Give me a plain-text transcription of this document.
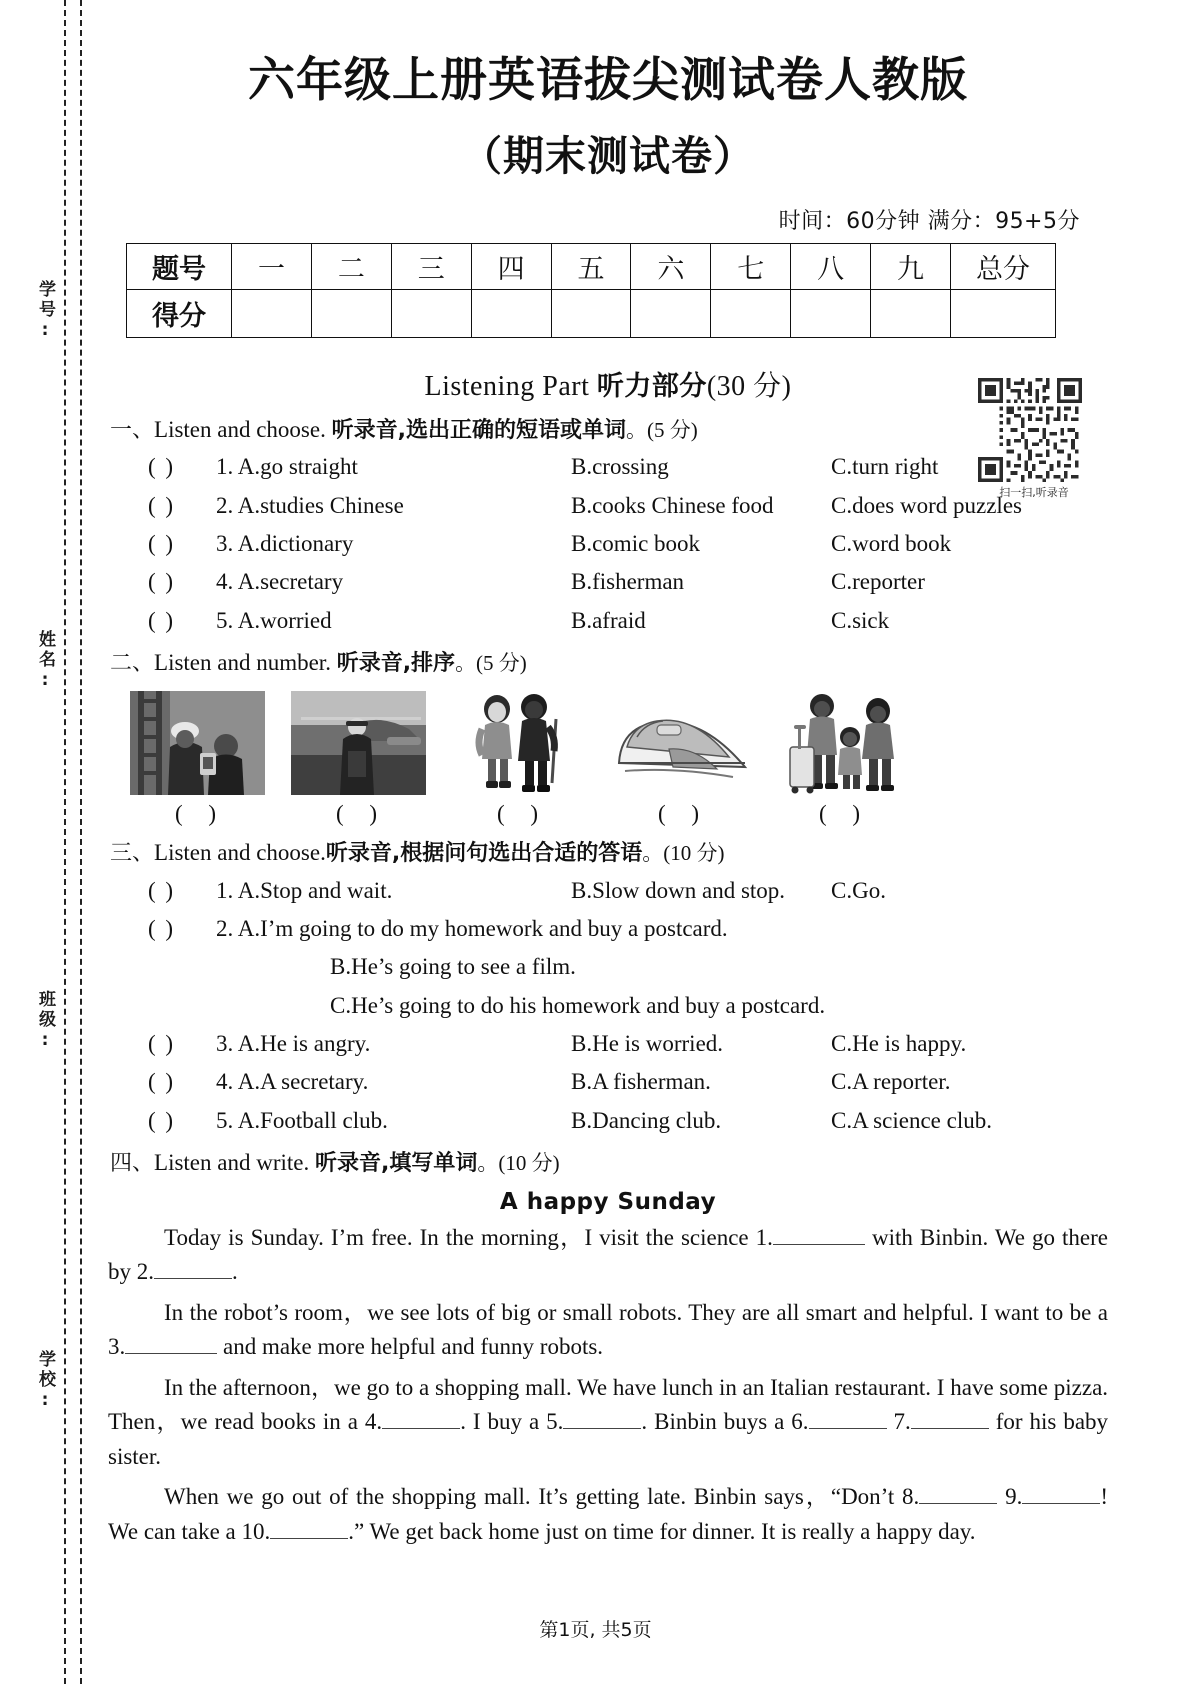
学号:
姓名:
班级:
学校:
六年级上册英语拔尖测试卷人教版
（期末测试卷）
时间：60分钟 满分：95+5分
题号	一	二	三	四	五	六	七	八	九	总分
得分										
Listening Part 听力部分(30 分)
扫一扫,听录音
一、Listen and choose. 听录音,选出正确的短语或单词。(5 分)
( )	1. A.go straight	B.crossing	C.turn right
( )	2. A.studies Chinese	B.cooks Chinese food	C.does word puzzles
( )	3. A.dictionary	B.comic book	C.word book
( )	4. A.secretary	B.fisherman	C.reporter
( )	5. A.worried	B.afraid	C.sick
二、Listen and number. 听录音,排序。(5 分)
( )	( )	( )	( )	( )
三、Listen and choose.听录音,根据问句选出合适的答语。(10 分)
( )	1. A.Stop and wait.	B.Slow down and stop.	C.Go.
( )	2. A.I’m going to do my homework and buy a postcard.
B.He’s going to see a film.
C.He’s going to do his homework and buy a postcard.
( )	3. A.He is angry.	B.He is worried.	C.He is happy.
( )	4. A.A secretary.	B.A fisherman.	C.A reporter.
( )	5. A.Football club.	B.Dancing club.	C.A science club.
四、Listen and write. 听录音,填写单词。(10 分)
A happy Sunday

Today is Sunday. I’m free. In the morning，I visit the science 1.	with Binbin. We go there by 2.	.

In the robot’s room，we see lots of big or small robots. They are all smart and helpful. I want to be a 3.	and make more helpful and funny robots.

In the afternoon，we go to a shopping mall. We have lunch in an Italian restaurant. I have some pizza. Then，we read books in a 4.	. I buy a 5.	. Binbin buys a 6.	7.	for his baby sister.

When we go out of the shopping mall. It’s getting late. Binbin says，“Don’t 8.	9.	! We can take a 10.	.” We get back home just on time for dinner. It is really a happy day.

第1页, 共5页
